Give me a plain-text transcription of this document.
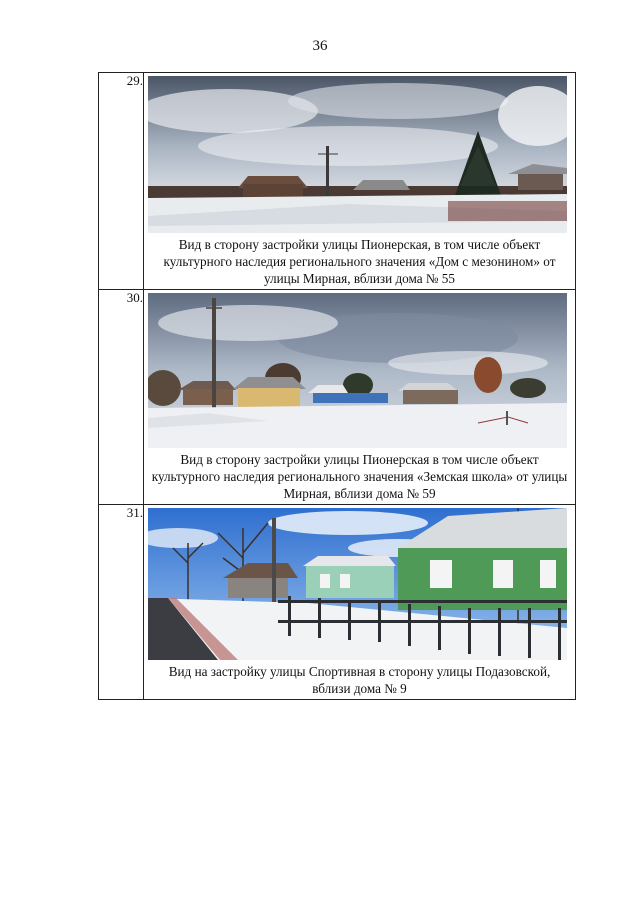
36
29.	Вид в сторону застройки улицы Пионерская, в том числе объект культурного наследия регионального значения «Дом с мезонином» от улицы Мирная, вблизи дома № 55

30.	Вид в сторону застройки улицы Пионерская в том числе объект культурного наследия регионального значения «Земская школа» от улицы Мирная, вблизи дома № 59

31.	Вид на застройку улицы Спортивная в сторону улицы Подазовской, вблизи дома № 9
